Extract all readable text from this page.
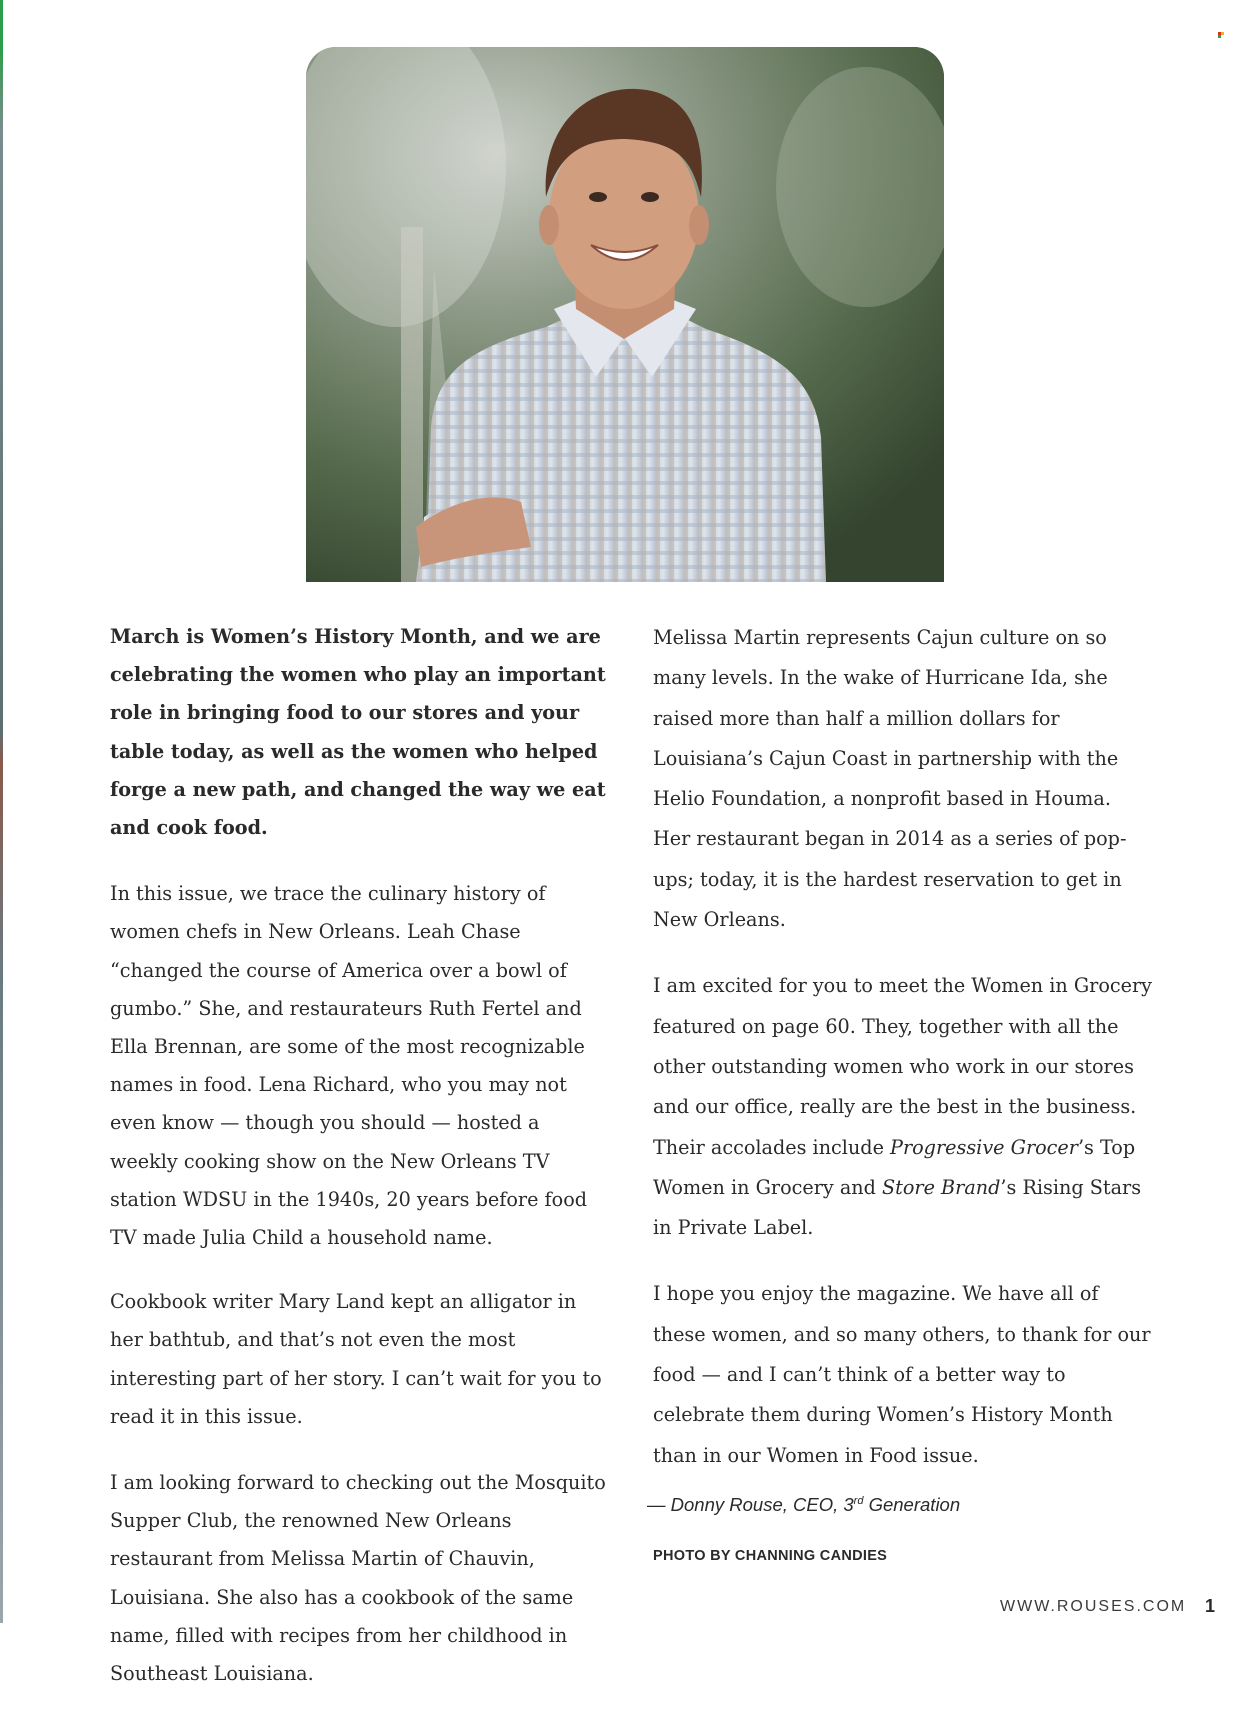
March is Women’s History Month, and we are celebrating the women who play an important role in bringing food to our stores and your table today, as well as the women who helped forge a new path, and changed the way we eat and cook food.

In this issue, we trace the culinary history of women chefs in New Orleans. Leah Chase “changed the course of America over a bowl of gumbo.” She, and restaurateurs Ruth Fertel and Ella Brennan, are some of the most recognizable names in food. Lena Richard, who you may not even know — though you should — hosted a weekly cooking show on the New Orleans TV station WDSU in the 1940s, 20 years before food TV made Julia Child a household name.

Cookbook writer Mary Land kept an alligator in her bathtub, and that’s not even the most interesting part of her story. I can’t wait for you to read it in this issue.

I am looking forward to checking out the Mosquito Supper Club, the renowned New Orleans restaurant from Melissa Martin of Chauvin, Louisiana. She also has a cookbook of the same name, filled with recipes from her childhood in Southeast Louisiana.

Melissa Martin represents Cajun culture on so many levels. In the wake of Hurricane Ida, she raised more than half a million dollars for Louisiana’s Cajun Coast in partnership with the Helio Foundation, a nonprofit based in Houma. Her restaurant began in 2014 as a series of pop-ups; today, it is the hardest reservation to get in New Orleans.

I am excited for you to meet the Women in Grocery featured on page 60. They, together with all the other outstanding women who work in our stores and our office, really are the best in the business. Their accolades include Progressive Grocer’s Top Women in Grocery and Store Brand’s Rising Stars in Private Label.

I hope you enjoy the magazine. We have all of these women, and so many others, to thank for our food — and I can’t think of a better way to celebrate them during Women’s History Month than in our Women in Food issue.

— Donny Rouse, CEO, 3rd Generation
PHOTO BY CHANNING CANDIES
WWW.ROUSES.COM 1
